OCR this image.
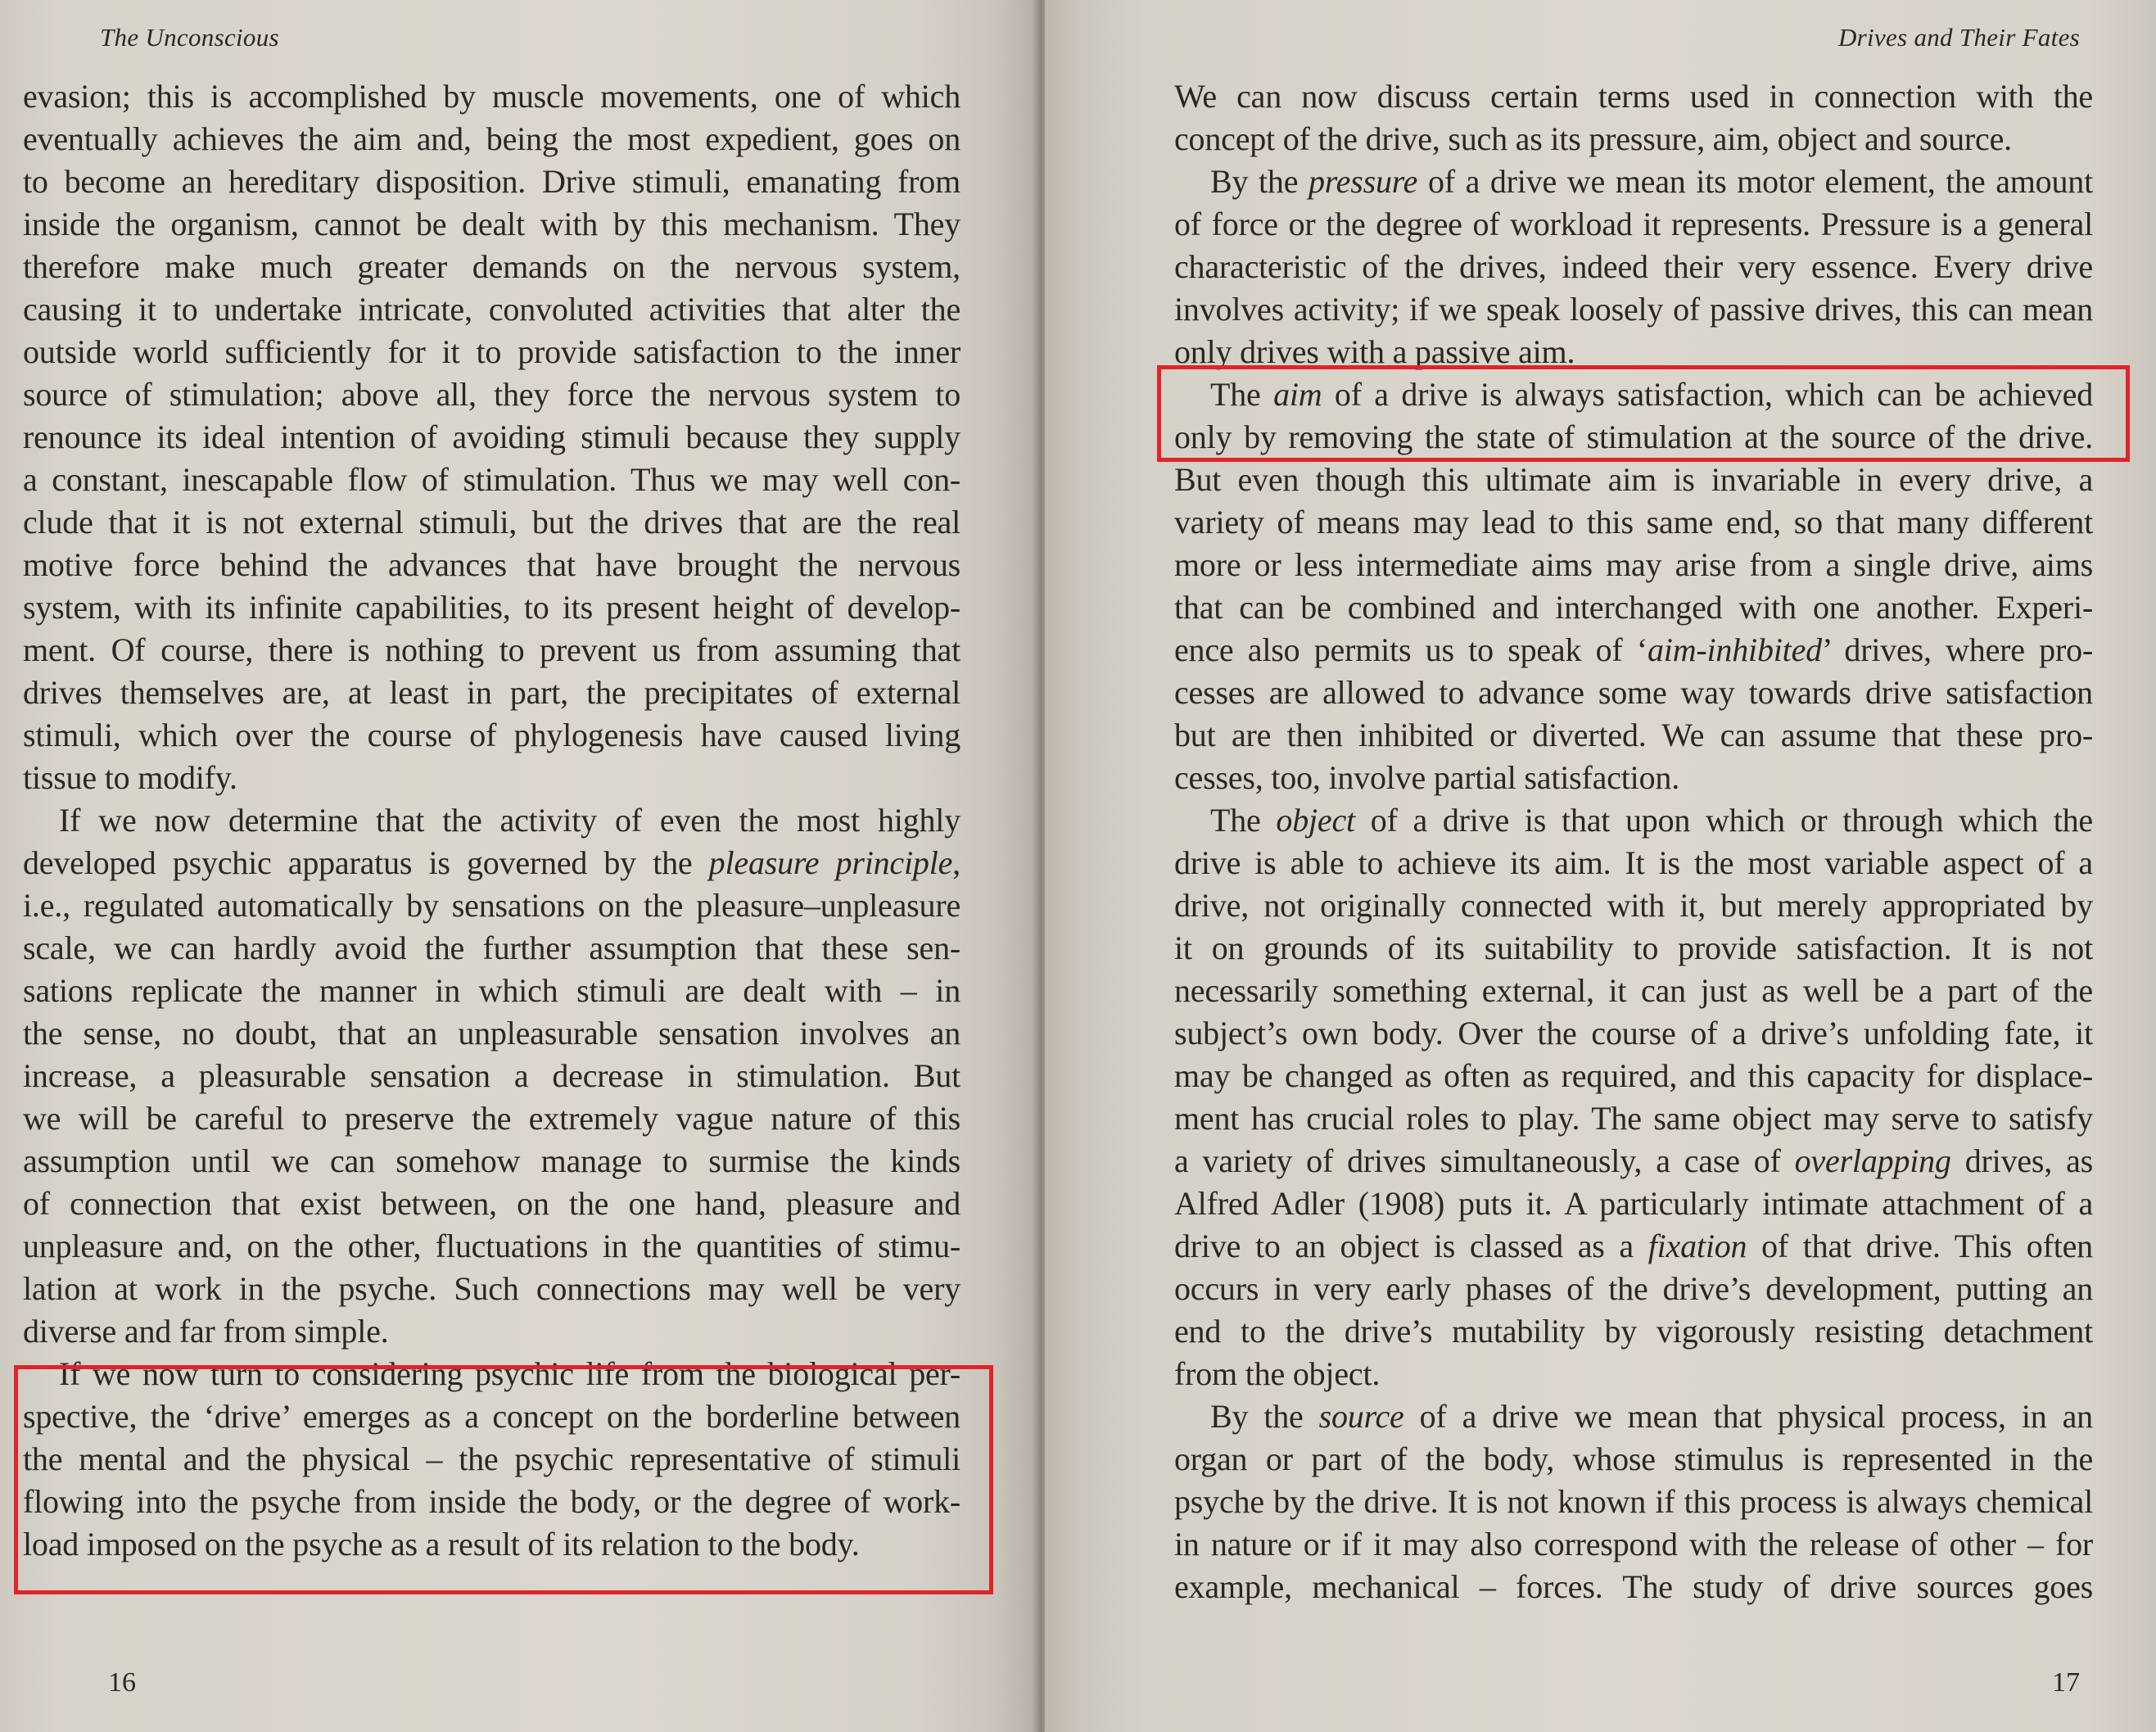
The Unconscious
evasion; this is accomplished by muscle movements, one of which
eventually achieves the aim and, being the most expedient, goes on
to become an hereditary disposition. Drive stimuli, emanating from
inside the organism, cannot be dealt with by this mechanism. They
therefore make much greater demands on the nervous system,
causing it to undertake intricate, convoluted activities that alter the
outside world sufficiently for it to provide satisfaction to the inner
source of stimulation; above all, they force the nervous system to
renounce its ideal intention of avoiding stimuli because they supply
a constant, inescapable flow of stimulation. Thus we may well con-
clude that it is not external stimuli, but the drives that are the real
motive force behind the advances that have brought the nervous
system, with its infinite capabilities, to its present height of develop-
ment. Of course, there is nothing to prevent us from assuming that
drives themselves are, at least in part, the precipitates of external
stimuli, which over the course of phylogenesis have caused living
tissue to modify.
If we now determine that the activity of even the most highly
developed psychic apparatus is governed by the pleasure principle,
i.e., regulated automatically by sensations on the pleasure–unpleasure
scale, we can hardly avoid the further assumption that these sen-
sations replicate the manner in which stimuli are dealt with – in
the sense, no doubt, that an unpleasurable sensation involves an
increase, a pleasurable sensation a decrease in stimulation. But
we will be careful to preserve the extremely vague nature of this
assumption until we can somehow manage to surmise the kinds
of connection that exist between, on the one hand, pleasure and
unpleasure and, on the other, fluctuations in the quantities of stimu-
lation at work in the psyche. Such connections may well be very
diverse and far from simple.
If we now turn to considering psychic life from the biological per-
spective, the ‘drive’ emerges as a concept on the borderline between
the mental and the physical – the psychic representative of stimuli
flowing into the psyche from inside the body, or the degree of work-
load imposed on the psyche as a result of its relation to the body.
16
Drives and Their Fates
We can now discuss certain terms used in connection with the
concept of the drive, such as its pressure, aim, object and source.
By the pressure of a drive we mean its motor element, the amount
of force or the degree of workload it represents. Pressure is a general
characteristic of the drives, indeed their very essence. Every drive
involves activity; if we speak loosely of passive drives, this can mean
only drives with a passive aim.
The aim of a drive is always satisfaction, which can be achieved
only by removing the state of stimulation at the source of the drive.
But even though this ultimate aim is invariable in every drive, a
variety of means may lead to this same end, so that many different
more or less intermediate aims may arise from a single drive, aims
that can be combined and interchanged with one another. Experi-
ence also permits us to speak of ‘aim-inhibited’ drives, where pro-
cesses are allowed to advance some way towards drive satisfaction
but are then inhibited or diverted. We can assume that these pro-
cesses, too, involve partial satisfaction.
The object of a drive is that upon which or through which the
drive is able to achieve its aim. It is the most variable aspect of a
drive, not originally connected with it, but merely appropriated by
it on grounds of its suitability to provide satisfaction. It is not
necessarily something external, it can just as well be a part of the
subject’s own body. Over the course of a drive’s unfolding fate, it
may be changed as often as required, and this capacity for displace-
ment has crucial roles to play. The same object may serve to satisfy
a variety of drives simultaneously, a case of overlapping drives, as
Alfred Adler (1908) puts it. A particularly intimate attachment of a
drive to an object is classed as a fixation of that drive. This often
occurs in very early phases of the drive’s development, putting an
end to the drive’s mutability by vigorously resisting detachment
from the object.
By the source of a drive we mean that physical process, in an
organ or part of the body, whose stimulus is represented in the
psyche by the drive. It is not known if this process is always chemical
in nature or if it may also correspond with the release of other – for
example, mechanical – forces. The study of drive sources goes
17
